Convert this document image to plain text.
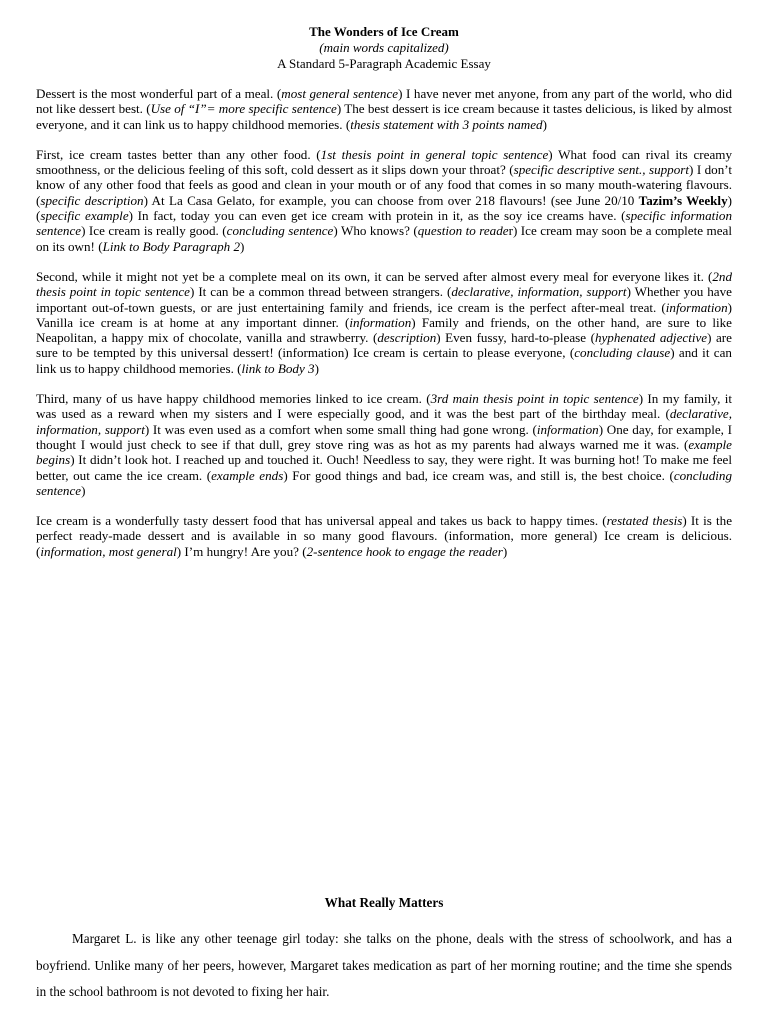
The Wonders of Ice Cream
(main words capitalized)
A Standard 5-Paragraph Academic Essay

Dessert is the most wonderful part of a meal. (most general sentence) I have never met anyone, from any part of the world, who did not like dessert best. (Use of “I”= more specific sentence) The best dessert is ice cream because it tastes delicious, is liked by almost everyone, and it can link us to happy childhood memories. (thesis statement with 3 points named)

First, ice cream tastes better than any other food. (1st thesis point in general topic sentence) What food can rival its creamy smoothness, or the delicious feeling of this soft, cold dessert as it slips down your throat? (specific descriptive sent., support) I don’t know of any other food that feels as good and clean in your mouth or of any food that comes in so many mouth-watering flavours. (specific description) At La Casa Gelato, for example, you can choose from over 218 flavours! (see June 20/10 Tazim’s Weekly) (specific example) In fact, today you can even get ice cream with protein in it, as the soy ice creams have. (specific information sentence) Ice cream is really good. (concluding sentence) Who knows? (question to reader) Ice cream may soon be a complete meal on its own! (Link to Body Paragraph 2)

Second, while it might not yet be a complete meal on its own, it can be served after almost every meal for everyone likes it. (2nd thesis point in topic sentence) It can be a common thread between strangers. (declarative, information, support) Whether you have important out-of-town guests, or are just entertaining family and friends, ice cream is the perfect after-meal treat. (information) Vanilla ice cream is at home at any important dinner. (information) Family and friends, on the other hand, are sure to like Neapolitan, a happy mix of chocolate, vanilla and strawberry. (description) Even fussy, hard-to-please (hyphenated adjective) are sure to be tempted by this universal dessert! (information) Ice cream is certain to please everyone, (concluding clause) and it can link us to happy childhood memories. (link to Body 3)

Third, many of us have happy childhood memories linked to ice cream. (3rd main thesis point in topic sentence) In my family, it was used as a reward when my sisters and I were especially good, and it was the best part of the birthday meal. (declarative, information, support) It was even used as a comfort when some small thing had gone wrong. (information) One day, for example, I thought I would just check to see if that dull, grey stove ring was as hot as my parents had always warned me it was. (example begins) It didn’t look hot. I reached up and touched it. Ouch! Needless to say, they were right. It was burning hot! To make me feel better, out came the ice cream. (example ends) For good things and bad, ice cream was, and still is, the best choice. (concluding sentence)

Ice cream is a wonderfully tasty dessert food that has universal appeal and takes us back to happy times. (restated thesis) It is the perfect ready-made dessert and is available in so many good flavours. (information, more general) Ice cream is delicious. (information, most general) I’m hungry! Are you? (2-sentence hook to engage the reader)

What Really Matters

Margaret L. is like any other teenage girl today: she talks on the phone, deals with the stress of schoolwork, and has a boyfriend. Unlike many of her peers, however, Margaret takes medication as part of her morning routine; and the time she spends in the school bathroom is not devoted to fixing her hair.
